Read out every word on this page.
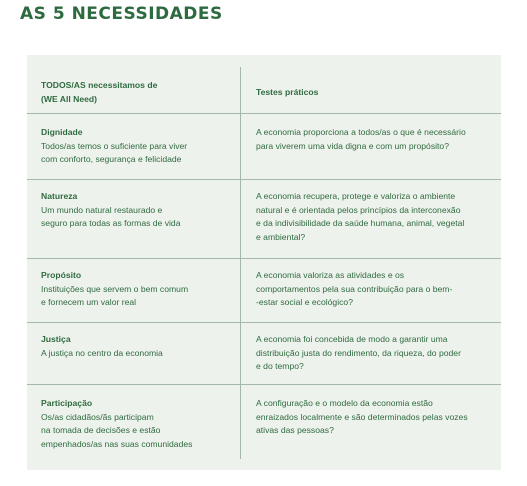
AS 5 NECESSIDADES
TODOS/AS necessitamos de
(WE All Need)
Testes práticos
Dignidade
Todos/as temos o suficiente para viver
com conforto, segurança e felicidade
A economia proporciona a todos/as o que é necessário
para viverem uma vida digna e com um propósito?
Natureza
Um mundo natural restaurado e
seguro para todas as formas de vida
A economia recupera, protege e valoriza o ambiente
natural e é orientada pelos princípios da interconexão
e da indivisibilidade da saúde humana, animal, vegetal
e ambiental?
Propósito
Instituições que servem o bem comum
e fornecem um valor real
A economia valoriza as atividades e os
comportamentos pela sua contribuição para o bem-
-estar social e ecológico?
Justiça
A justiça no centro da economia
A economia foi concebida de modo a garantir uma
distribuição justa do rendimento, da riqueza, do poder
e do tempo?
Participação
Os/as cidadãos/ãs participam
na tomada de decisões e estão
empenhados/as nas suas comunidades
A configuração e o modelo da economia estão
enraizados localmente e são determinados pelas vozes
ativas das pessoas?
